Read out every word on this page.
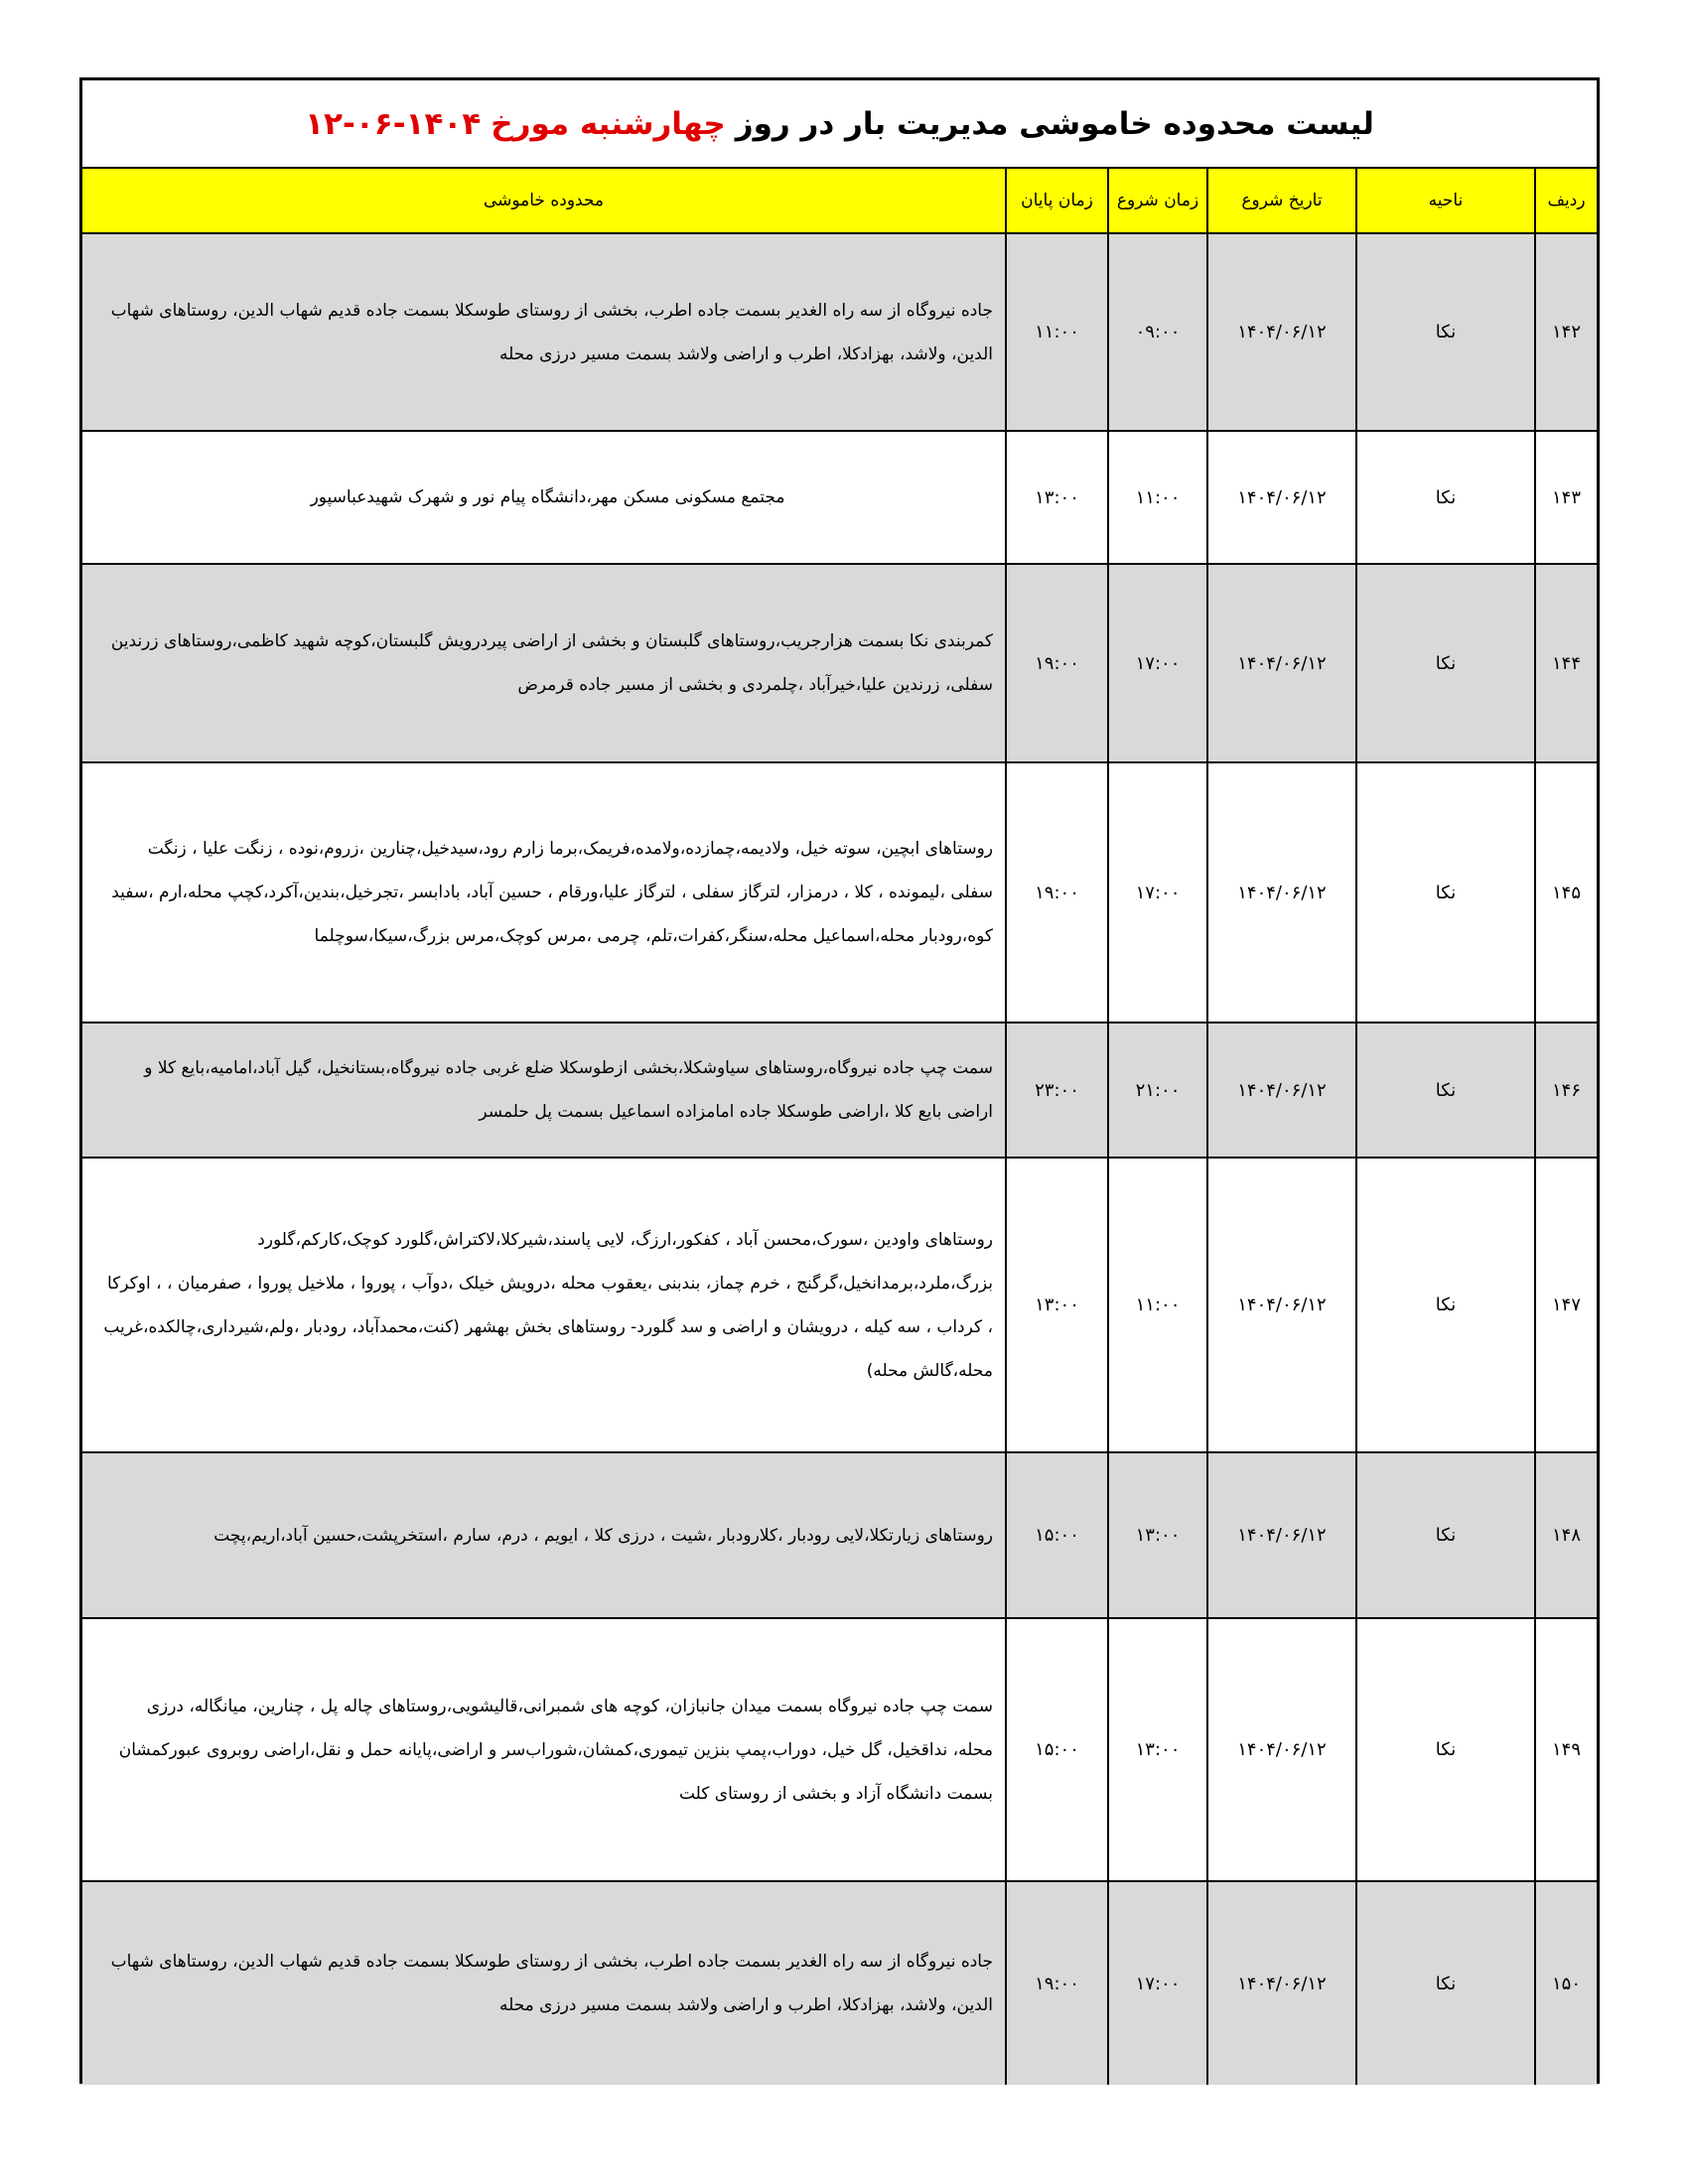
لیست محدوده خاموشی مدیریت بار در روز
چهارشنبه مورخ
۱۲-۰۶-۱۴۰۴
ردیف	ناحیه	تاریخ شروع	زمان شروع	زمان پایان	محدوده خاموشی
۱۴۲	نکا	۱۴۰۴/۰۶/۱۲	۰۹:۰۰	۱۱:۰۰	جاده نیروگاه از سه راه الغدیر بسمت جاده اطرب، بخشی از روستای طوسکلا بسمت جاده قدیم شهاب الدین، روستاهای شهاب الدین، ولاشد، بهزادکلا، اطرب و اراضی ولاشد بسمت مسیر درزی محله
۱۴۳	نکا	۱۴۰۴/۰۶/۱۲	۱۱:۰۰	۱۳:۰۰	مجتمع مسکونی مسکن مهر،دانشگاه پیام نور و شهرک شهیدعباسپور
۱۴۴	نکا	۱۴۰۴/۰۶/۱۲	۱۷:۰۰	۱۹:۰۰	کمربندی نکا بسمت هزارجریب،روستاهای گلبستان و بخشی از اراضی پیردرویش گلبستان،کوچه شهید کاظمی،روستاهای زرندین سفلی، زرندین علیا،خیرآباد ،چلمردی و بخشی از مسیر جاده قرمرض
۱۴۵	نکا	۱۴۰۴/۰۶/۱۲	۱۷:۰۰	۱۹:۰۰	روستاهای ابچین، سوته خیل، ولادیمه،چمازده،ولامده،فریمک،برما زارم رود،سیدخیل،چنارین ،زروم،نوده ، زنگت علیا ، زنگت سفلی ،لیمونده ، کلا ، درمزار، لترگاز سفلی ، لترگاز علیا،ورقام ، حسین آباد، بادابسر ،تجرخیل،بندین،آکرد،کچپ محله،ارم ،سفید کوه،رودبار محله،اسماعیل محله،سنگر،کفرات،تلم، چرمی ،مرس کوچک،مرس بزرگ،سیکا،سوچلما
۱۴۶	نکا	۱۴۰۴/۰۶/۱۲	۲۱:۰۰	۲۳:۰۰	سمت چپ جاده نیروگاه،روستاهای سیاوشکلا،بخشی ازطوسکلا ضلع غربی جاده نیروگاه،بستانخیل، گیل آباد،امامیه،بایع کلا و اراضی بایع کلا ،اراضی طوسکلا جاده امامزاده اسماعیل بسمت پل حلمسر
۱۴۷	نکا	۱۴۰۴/۰۶/۱۲	۱۱:۰۰	۱۳:۰۰	روستاهای واودین ،سورک،محسن آباد ، کفکور،ارزگ، لایی پاسند،شیرکلا،لاکتراش،گلورد کوچک،کارکم،گلورد بزرگ،ملرد،برمدانخیل،گرگنج ، خرم چماز، بندبنی ،یعقوب محله ،درویش خیلک ،دوآب ، پوروا ، ملاخیل پوروا ، صفرمیان ، ، اوکرکا ، کرداب ، سه کیله ، درویشان و اراضی و سد گلورد- روستاهای بخش بهشهر (کنت،محمدآباد، رودبار ،ولم،شیرداری،چالکده،غریب محله،گالش محله)
۱۴۸	نکا	۱۴۰۴/۰۶/۱۲	۱۳:۰۰	۱۵:۰۰	روستاهای زیارتکلا،لایی رودبار ،کلارودبار ،شیت ، درزی کلا ، ایویم ، درم، سارم ،استخرپشت،حسین آباد،اریم،پچت
۱۴۹	نکا	۱۴۰۴/۰۶/۱۲	۱۳:۰۰	۱۵:۰۰	سمت چپ جاده نیروگاه بسمت میدان جانبازان، کوچه های شمبرانی،قالیشویی،روستاهای چاله پل ، چنارین، میانگاله، درزی محله، نداقخیل، گل خیل، دوراب،پمپ بنزین تیموری،کمشان،شوراب‌سر و اراضی،پایانه حمل و نقل،اراضی روبروی عبورکمشان بسمت دانشگاه آزاد و بخشی از روستای کلت
۱۵۰	نکا	۱۴۰۴/۰۶/۱۲	۱۷:۰۰	۱۹:۰۰	جاده نیروگاه از سه راه الغدیر بسمت جاده اطرب، بخشی از روستای طوسکلا بسمت جاده قدیم شهاب الدین، روستاهای شهاب الدین، ولاشد، بهزادکلا، اطرب و اراضی ولاشد بسمت مسیر درزی محله
